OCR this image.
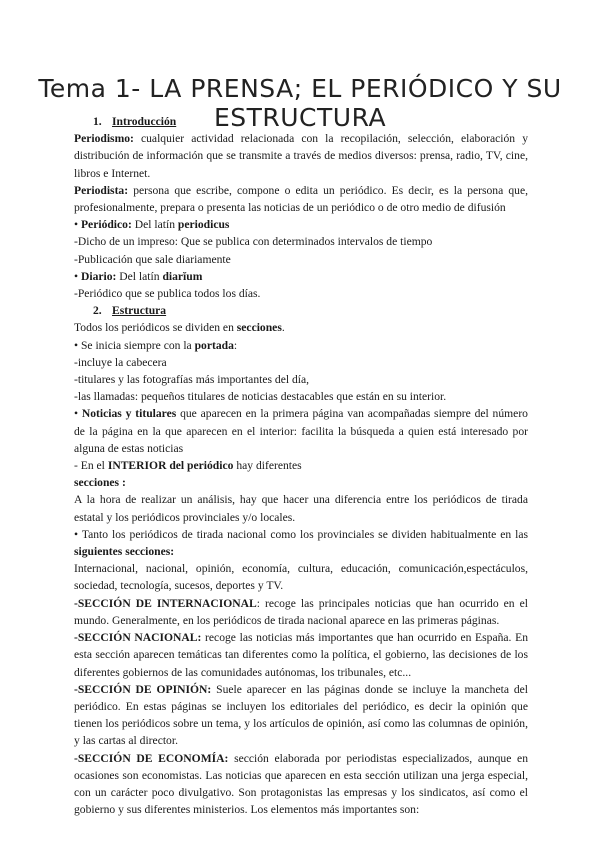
Tema 1- LA PRENSA; EL PERIÓDICO Y SU ESTRUCTURA

1. Introducción

Periodismo: cualquier actividad relacionada con la recopilación, selección, elaboración y distribución de información que se transmite a través de medios diversos: prensa, radio, TV, cine, libros e Internet.

Periodista: persona que escribe, compone o edita un periódico. Es decir, es la persona que, profesionalmente, prepara o presenta las noticias de un periódico o de otro medio de difusión

• Periódico: Del latín periodicus

-Dicho de un impreso: Que se publica con determinados intervalos de tiempo

-Publicación que sale diariamente

• Diario: Del latín diarĭum

-Periódico que se publica todos los días.

2. Estructura

Todos los periódicos se dividen en secciones.

• Se inicia siempre con la portada:

-incluye la cabecera

-titulares y las fotografías más importantes del día,

-las llamadas: pequeños titulares de noticias destacables que están en su interior.

• Noticias y titulares que aparecen en la primera página van acompañadas siempre del número de la página en la que aparecen en el interior: facilita la búsqueda a quien está interesado por alguna de estas noticias

- En el INTERIOR del periódico hay diferentes

secciones :

A la hora de realizar un análisis, hay que hacer una diferencia entre los periódicos de tirada estatal y los periódicos provinciales y/o locales.

• Tanto los periódicos de tirada nacional como los provinciales se dividen habitualmente en las siguientes secciones:

Internacional, nacional, opinión, economía, cultura, educación, comunicación,espectáculos, sociedad, tecnología, sucesos, deportes y TV.

-SECCIÓN DE INTERNACIONAL: recoge las principales noticias que han ocurrido en el mundo. Generalmente, en los periódicos de tirada nacional aparece en las primeras páginas.

-SECCIÓN NACIONAL: recoge las noticias más importantes que han ocurrido en España. En esta sección aparecen temáticas tan diferentes como la política, el gobierno, las decisiones de los diferentes gobiernos de las comunidades autónomas, los tribunales, etc...

-SECCIÓN DE OPINIÓN: Suele aparecer en las páginas donde se incluye la mancheta del periódico. En estas páginas se incluyen los editoriales del periódico, es decir la opinión que tienen los periódicos sobre un tema, y los artículos de opinión, así como las columnas de opinión, y las cartas al director.

-SECCIÓN DE ECONOMÍA: sección elaborada por periodistas especializados, aunque en ocasiones son economistas. Las noticias que aparecen en esta sección utilizan una jerga especial, con un carácter poco divulgativo. Son protagonistas las empresas y los sindicatos, así como el gobierno y sus diferentes ministerios. Los elementos más importantes son:
